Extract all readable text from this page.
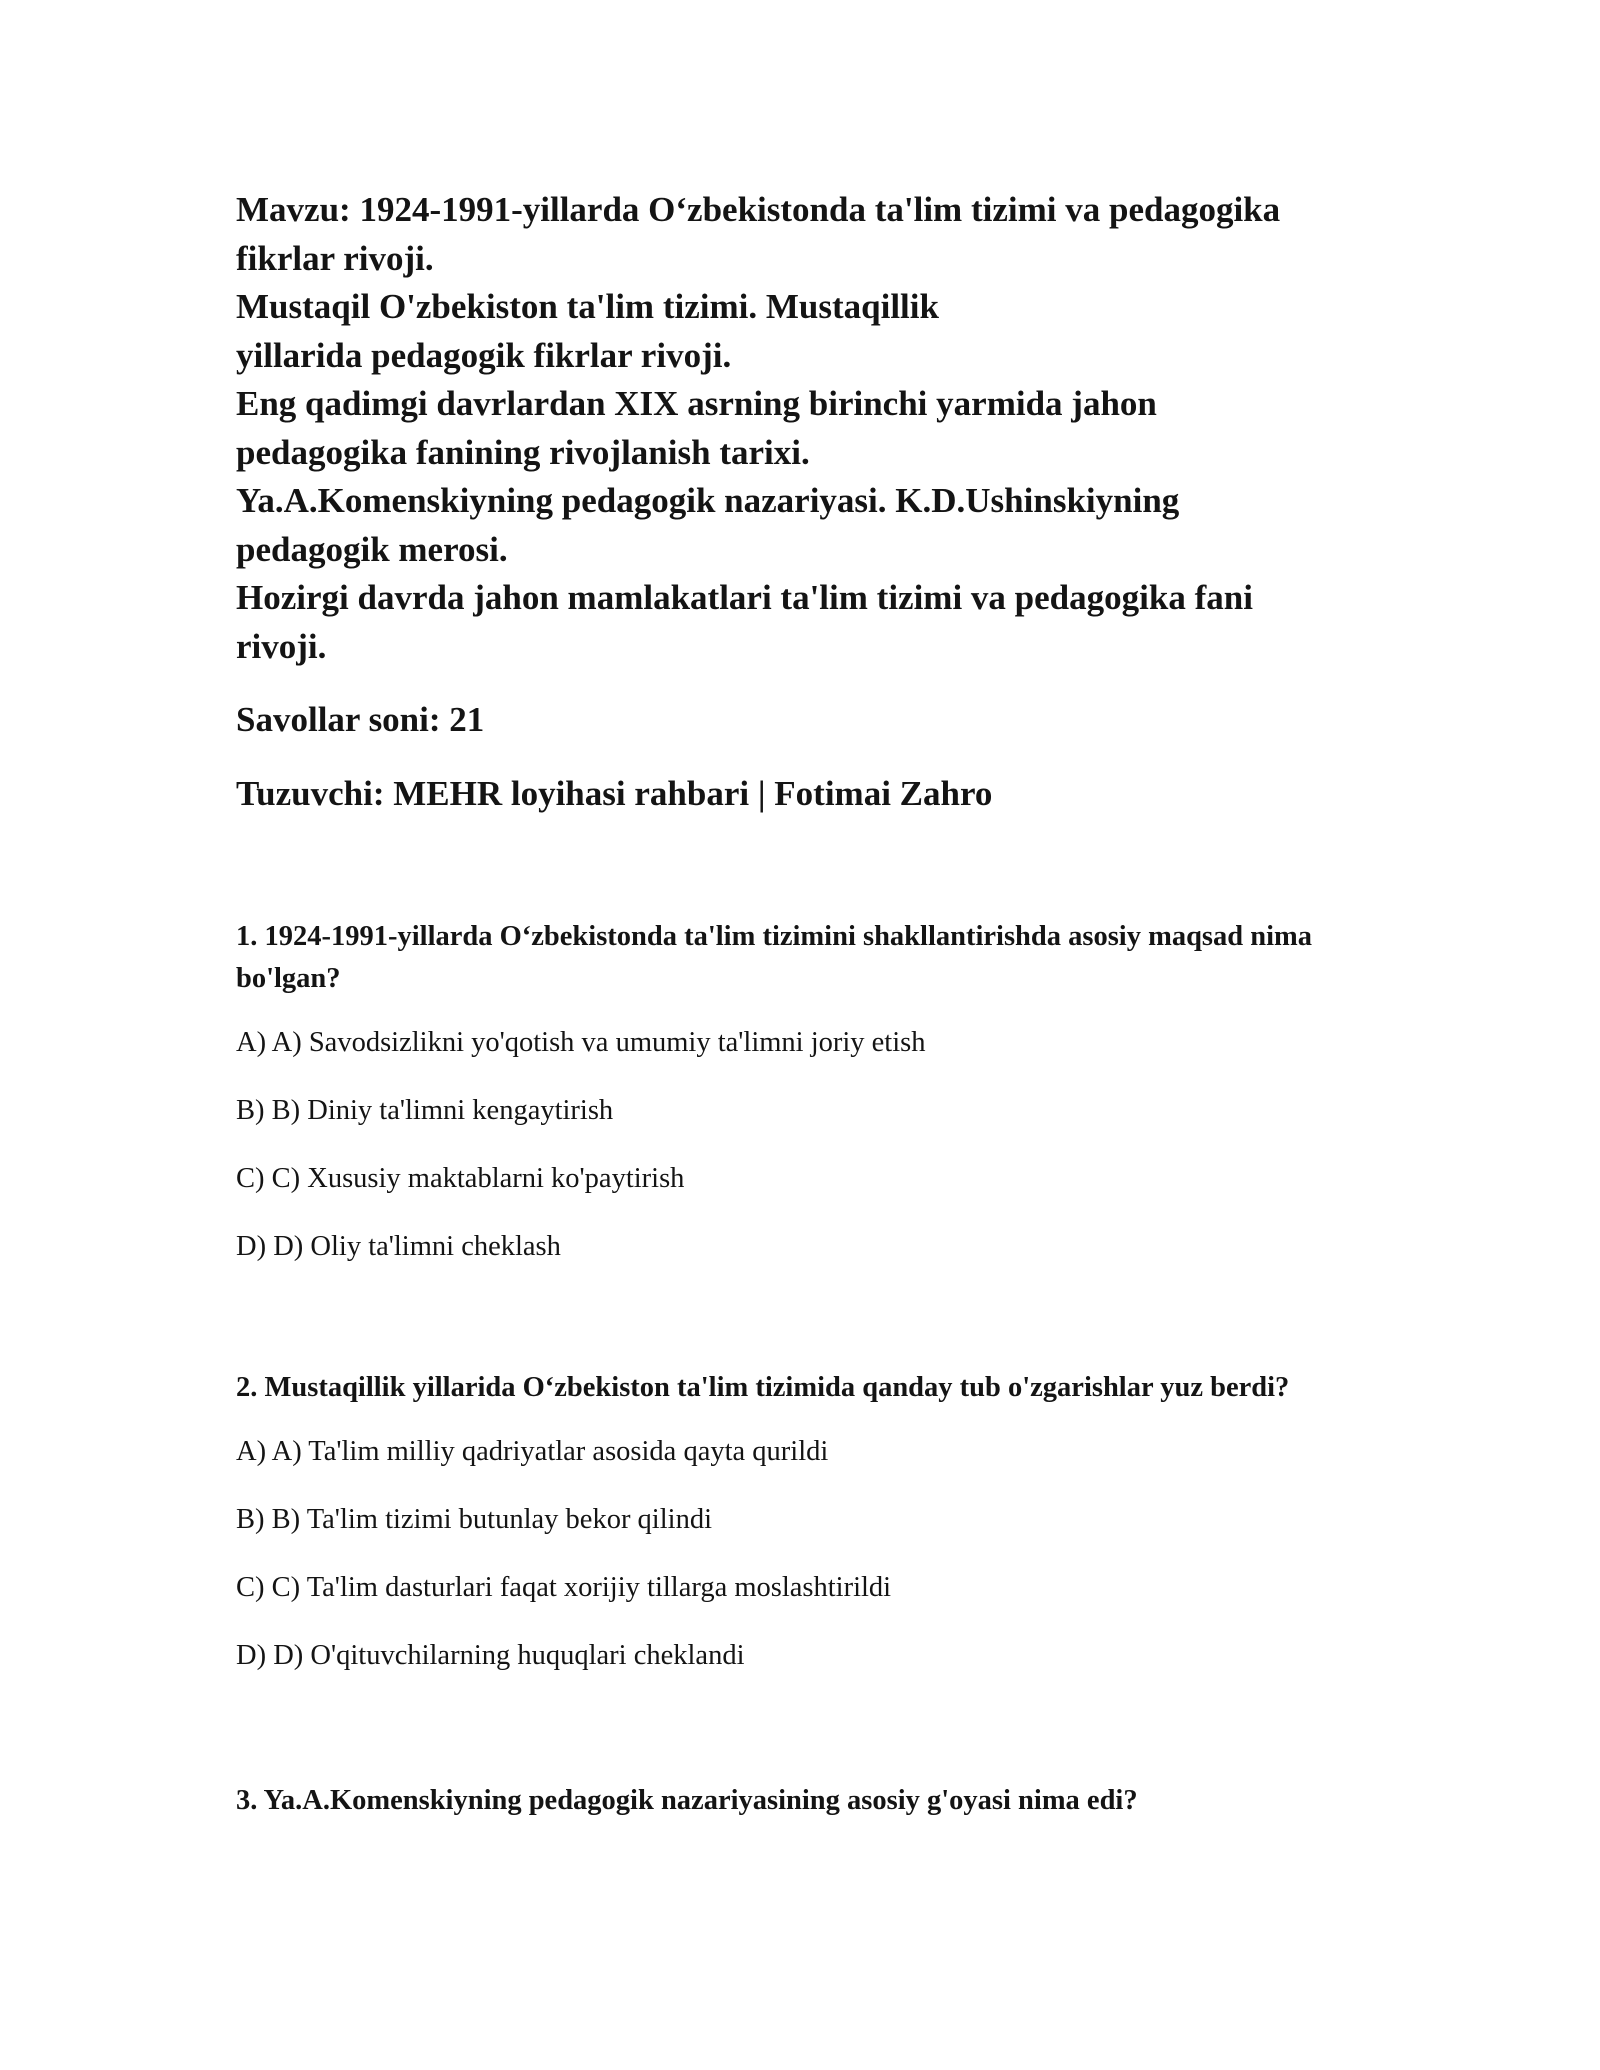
Mavzu: 1924-1991-yillarda O‘zbekistonda ta'lim tizimi va pedagogika

fikrlar rivoji.

Mustaqil O'zbekiston ta'lim tizimi. Mustaqillik

yillarida pedagogik fikrlar rivoji.

Eng qadimgi davrlardan XIX asrning birinchi yarmida jahon

pedagogika fanining rivojlanish tarixi.

Ya.A.Komenskiyning pedagogik nazariyasi. K.D.Ushinskiyning

pedagogik merosi.

Hozirgi davrda jahon mamlakatlari ta'lim tizimi va pedagogika fani

rivoji.

Savollar soni: 21

Tuzuvchi: MEHR loyihasi rahbari | Fotimai Zahro

1. 1924-1991-yillarda O‘zbekistonda ta'lim tizimini shakllantirishda asosiy maqsad nima bo'lgan?

A) A) Savodsizlikni yo'qotish va umumiy ta'limni joriy etish
B) B) Diniy ta'limni kengaytirish
C) C) Xususiy maktablarni ko'paytirish
D) D) Oliy ta'limni cheklash

2. Mustaqillik yillarida O‘zbekiston ta'lim tizimida qanday tub o'zgarishlar yuz berdi?

A) A) Ta'lim milliy qadriyatlar asosida qayta qurildi
B) B) Ta'lim tizimi butunlay bekor qilindi
C) C) Ta'lim dasturlari faqat xorijiy tillarga moslashtirildi
D) D) O'qituvchilarning huquqlari cheklandi

3. Ya.A.Komenskiyning pedagogik nazariyasining asosiy g'oyasi nima edi?
